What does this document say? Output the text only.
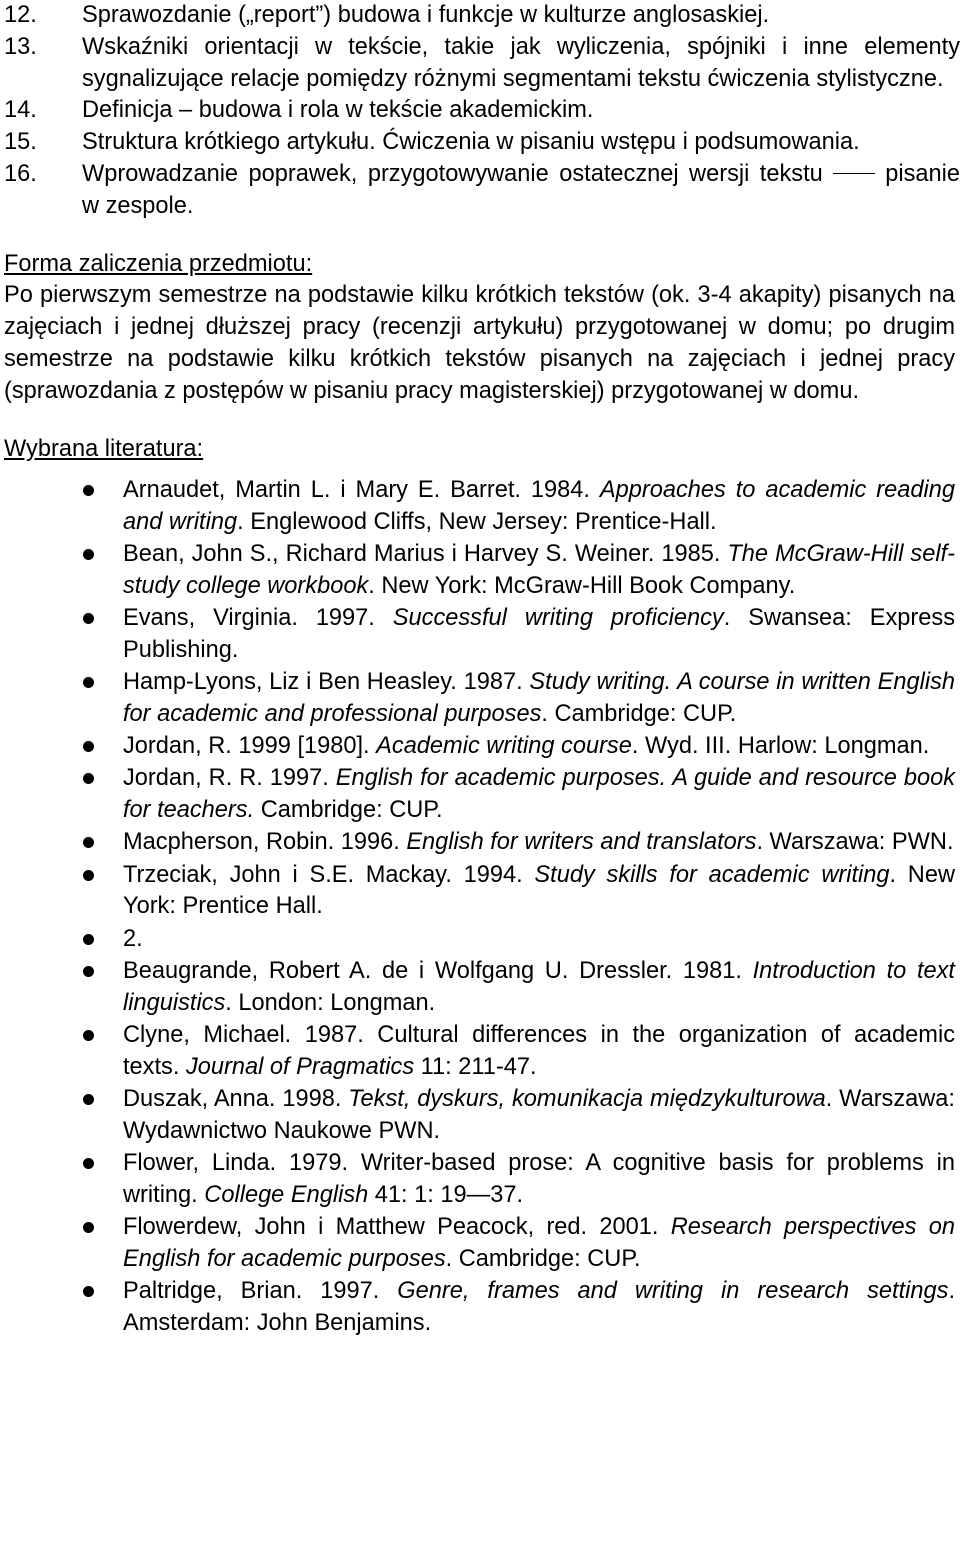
12. Sprawozdanie („report”) budowa i funkcje w kulturze anglosaskiej.
13. Wskaźniki orientacji w tekście, takie jak wyliczenia, spójniki i inne elementy sygnalizujące relacje pomiędzy różnymi segmentami tekstu ćwiczenia stylistyczne.
14. Definicja – budowa i rola w tekście akademickim.
15. Struktura krótkiego artykułu. Ćwiczenia w pisaniu wstępu i podsumowania.
16. Wprowadzanie poprawek, przygotowywanie ostatecznej wersji tekstu	pisanie w zespole.
Forma zaliczenia przedmiotu:
Po pierwszym semestrze na podstawie kilku krótkich tekstów (ok. 3-4 akapity) pisanych na zajęciach i jednej dłuższej pracy (recenzji artykułu) przygotowanej w domu; po drugim semestrze na podstawie kilku krótkich tekstów pisanych na zajęciach i jednej pracy (sprawozdania z postępów w pisaniu pracy magisterskiej) przygotowanej w domu.
Wybrana literatura:
Arnaudet, Martin L. i Mary E. Barret. 1984. Approaches to academic reading and writing. Englewood Cliffs, New Jersey: Prentice-Hall.
Bean, John S., Richard Marius i Harvey S. Weiner. 1985. The McGraw-Hill self-study college workbook. New York: McGraw-Hill Book Company.
Evans, Virginia. 1997. Successful writing proficiency. Swansea: Express Publishing.
Hamp-Lyons, Liz i Ben Heasley. 1987. Study writing. A course in written English for academic and professional purposes. Cambridge: CUP.
Jordan, R. 1999 [1980]. Academic writing course. Wyd. III. Harlow: Longman.
Jordan, R. R. 1997. English for academic purposes. A guide and resource book for teachers. Cambridge: CUP.
Macpherson, Robin. 1996. English for writers and translators. Warszawa: PWN.
Trzeciak, John i S.E. Mackay. 1994. Study skills for academic writing. New York: Prentice Hall.
2.
Beaugrande, Robert A. de i Wolfgang U. Dressler. 1981. Introduction to text linguistics. London: Longman.
Clyne, Michael. 1987. Cultural differences in the organization of academic texts. Journal of Pragmatics 11: 211-47.
Duszak, Anna. 1998. Tekst, dyskurs, komunikacja międzykulturowa. Warszawa: Wydawnictwo Naukowe PWN.
Flower, Linda. 1979. Writer-based prose: A cognitive basis for problems in writing. College English 41: 1: 19—37.
Flowerdew, John i Matthew Peacock, red. 2001. Research perspectives on English for academic purposes. Cambridge: CUP.
Paltridge, Brian. 1997. Genre, frames and writing in research settings. Amsterdam: John Benjamins.
